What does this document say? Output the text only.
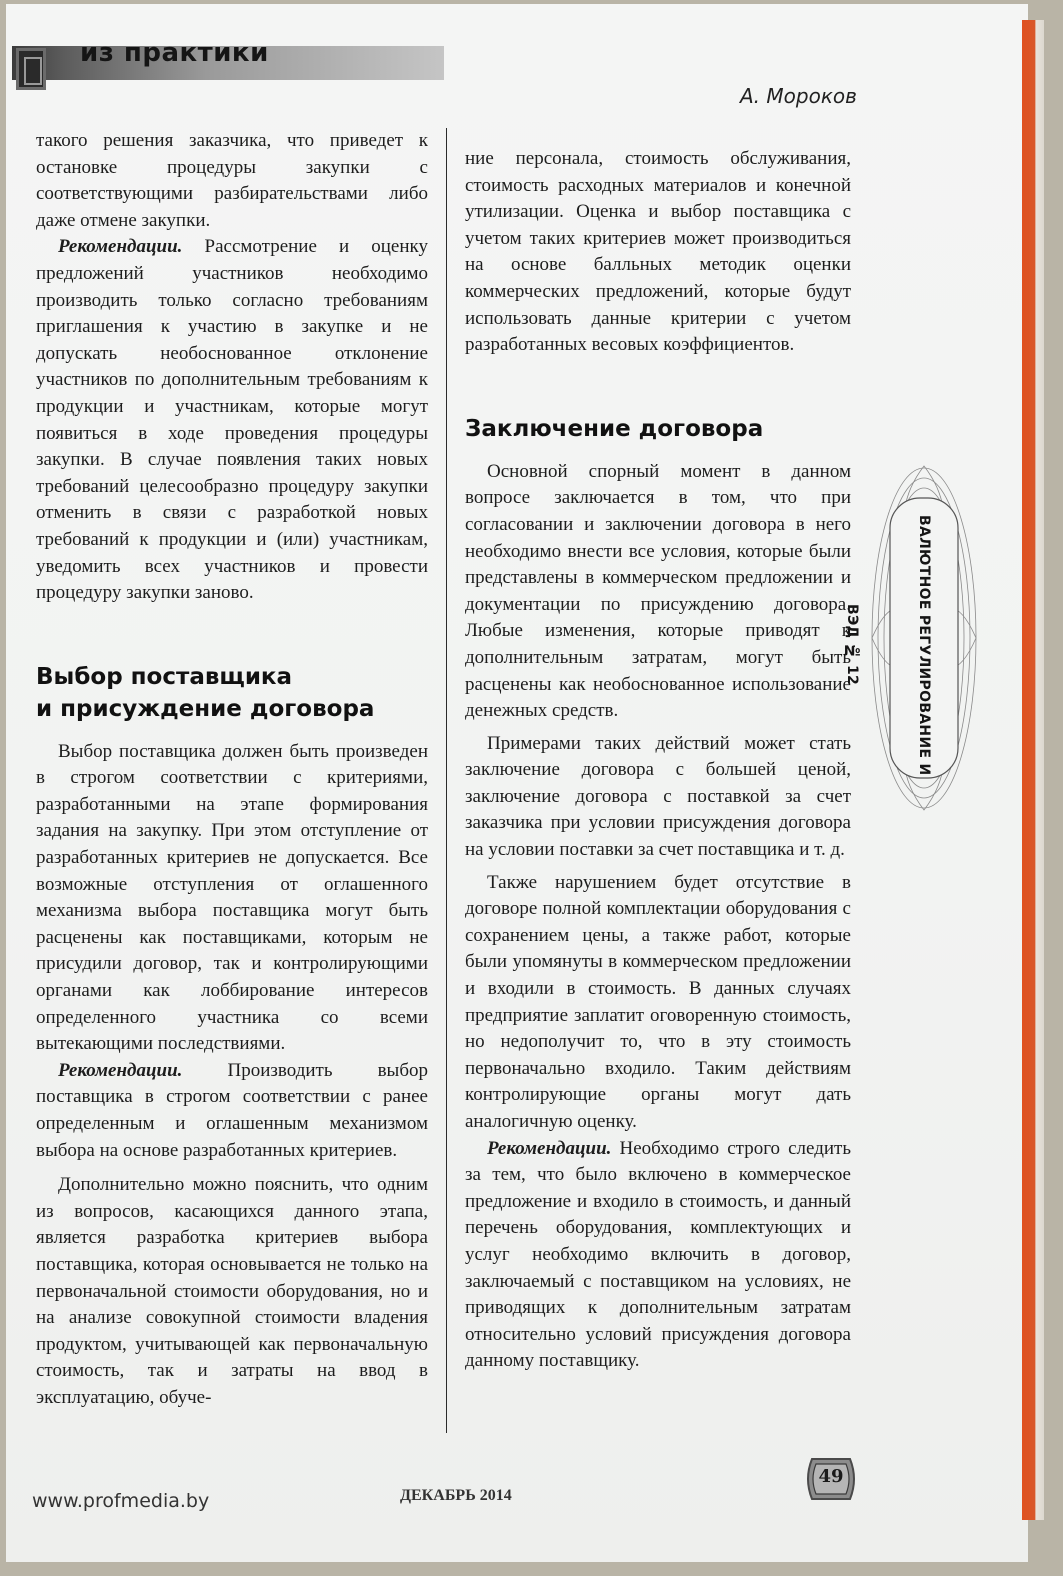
из практики
А. Мороков

такого решения заказчика, что приведет к остановке процедуры закупки с соответствующими разбирательствами либо даже отмене закупки.

Рекомендации. Рассмотрение и оценку предложений участников необходимо производить только согласно требованиям приглашения к участию в закупке и не допускать необоснованное отклонение участников по дополнительным требованиям к продукции и участникам, которые могут появиться в ходе проведения процедуры закупки. В случае появления таких новых требований целесообразно процедуру закупки отменить в связи с разработкой новых требований к продукции и (или) участникам, уведомить всех участников и провести процедуру закупки заново.

Выбор поставщика
и присуждение договора

Выбор поставщика должен быть произведен в строгом соответствии с критериями, разработанными на этапе формирования задания на закупку. При этом отступление от разработанных критериев не допускается. Все возможные отступления от оглашенного механизма выбора поставщика могут быть расценены как поставщиками, которым не присудили договор, так и контролирующими органами как лоббирование интересов определенного участника со всеми вытекающими последствиями.

Рекомендации. Производить выбор поставщика в строгом соответствии с ранее определенным и оглашенным механизмом выбора на основе разработанных критериев.

Дополнительно можно пояснить, что одним из вопросов, касающихся данного этапа, является разработка критериев выбора поставщика, которая основывается не только на первоначальной стоимости оборудования, но и на анализе совокупной стоимости владения продуктом, учитывающей как первоначальную стоимость, так и затраты на ввод в эксплуатацию, обуче-

ние персонала, стоимость обслуживания, стоимость расходных материалов и конечной утилизации. Оценка и выбор поставщика с учетом таких критериев может производиться на основе балльных методик оценки коммерческих предложений, которые будут использовать данные критерии с учетом разработанных весовых коэффициентов.

Заключение договора

Основной спорный момент в данном вопросе заключается в том, что при согласовании и заключении договора в него необходимо внести все условия, которые были представлены в коммерческом предложении и документации по присуждению договора. Любые изменения, которые приводят к дополнительным затратам, могут быть расценены как необоснованное использование денежных средств.

Примерами таких действий может стать заключение договора с большей ценой, заключение договора с поставкой за счет заказчика при условии присуждения договора на условии поставки за счет поставщика и т. д.

Также нарушением будет отсутствие в договоре полной комплектации оборудования с сохранением цены, а также работ, которые были упомянуты в коммерческом предложении и входили в стоимость. В данных случаях предприятие заплатит оговоренную стоимость, но недополучит то, что в эту стоимость первоначально входило. Таким действиям контролирующие органы могут дать аналогичную оценку.

Рекомендации. Необходимо строго следить за тем, что было включено в коммерческое предложение и входило в стоимость, и данный перечень оборудования, комплектующих и услуг необходимо включить в договор, заключаемый с поставщиком на условиях, не приводящих к дополнительным затратам относительно условий присуждения договора данному поставщику.

ВАЛЮТНОЕ РЕГУЛИРОВАНИЕ И ВЭД № 12
www.profmedia.by	ДЕКАБРЬ 2014
49
